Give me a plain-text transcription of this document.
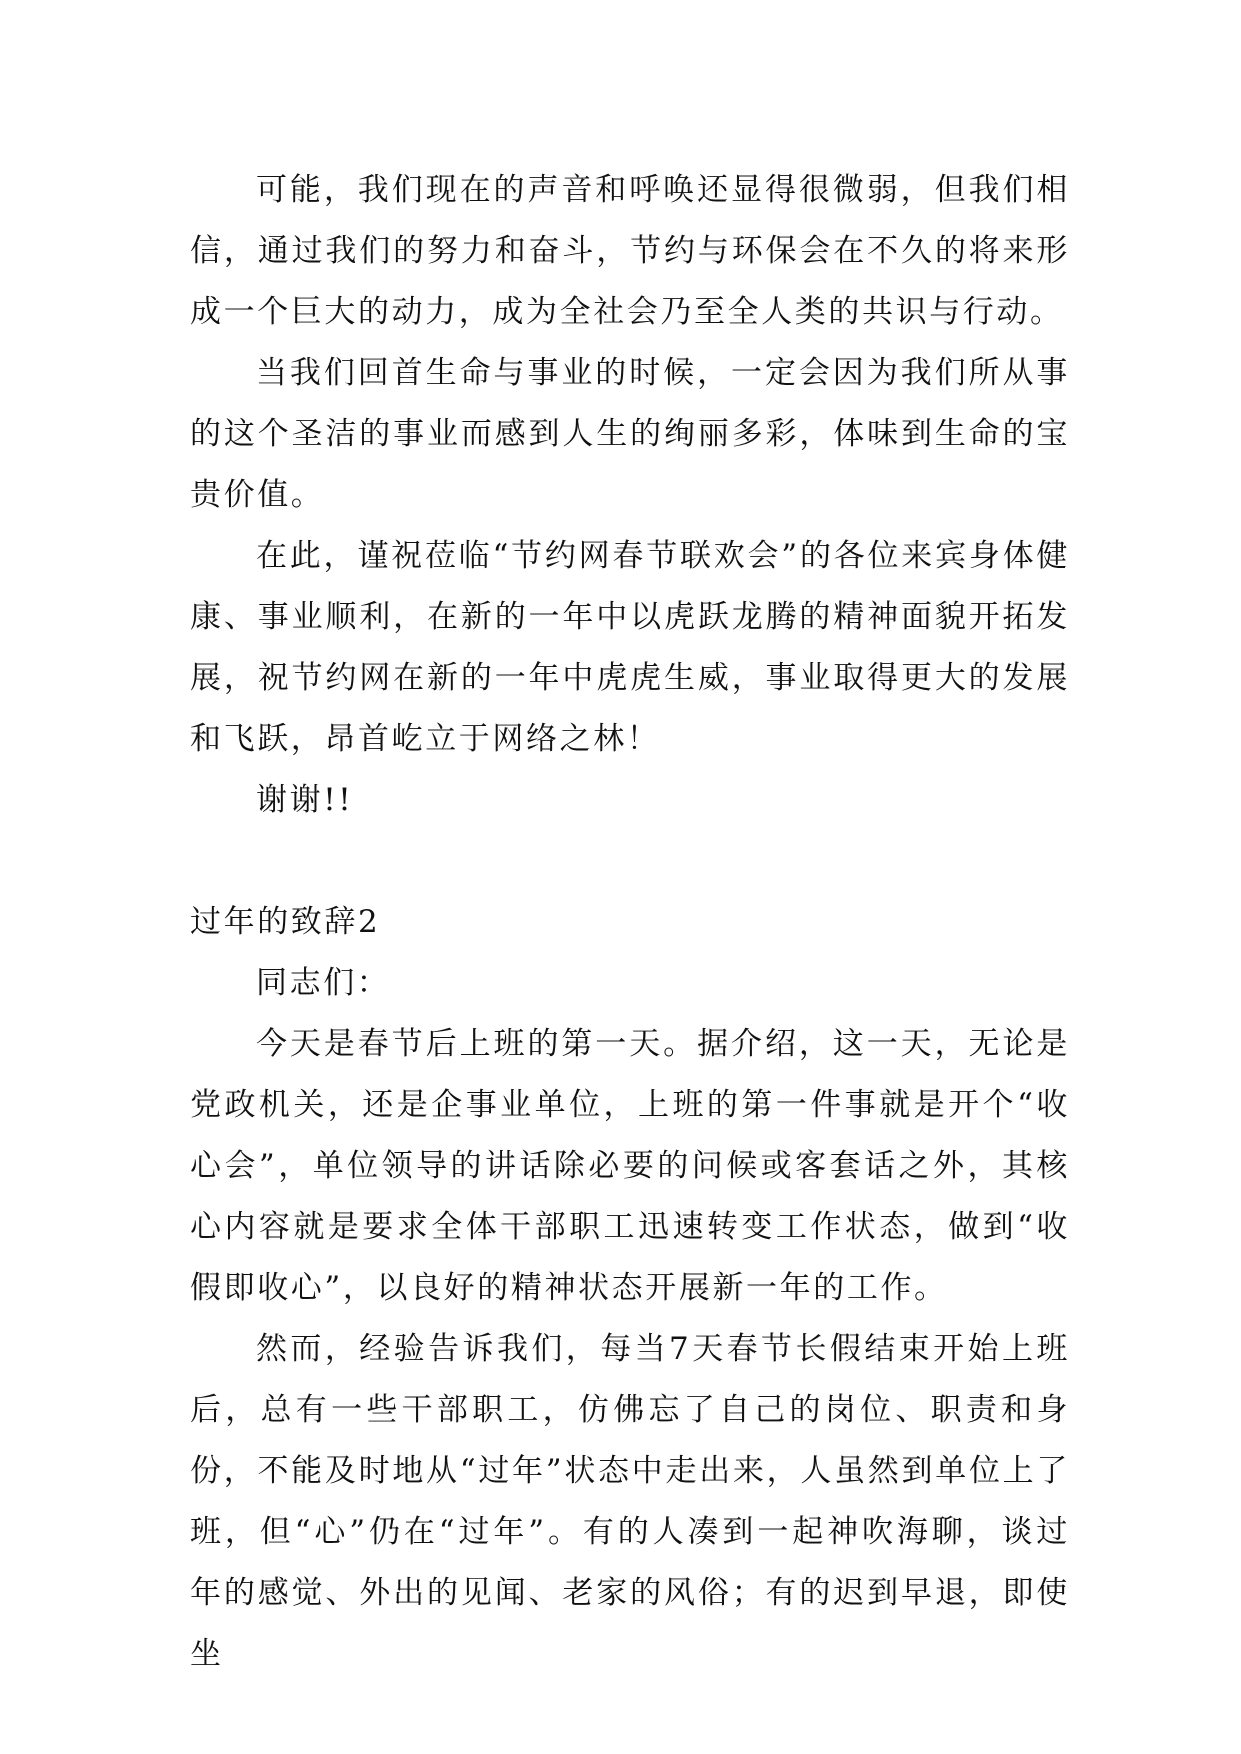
可能，我们现在的声音和呼唤还显得很微弱，但我们相信，通过我们的努力和奋斗，节约与环保会在不久的将来形成一个巨大的动力，成为全社会乃至全人类的共识与行动。

当我们回首生命与事业的时候，一定会因为我们所从事的这个圣洁的事业而感到人生的绚丽多彩，体味到生命的宝贵价值。

在此，谨祝莅临“节约网春节联欢会”的各位来宾身体健康、事业顺利，在新的一年中以虎跃龙腾的精神面貌开拓发展，祝节约网在新的一年中虎虎生威，事业取得更大的发展和飞跃，昂首屹立于网络之林！

谢谢!!

过年的致辞2

同志们：

今天是春节后上班的第一天。据介绍，这一天，无论是党政机关，还是企事业单位，上班的第一件事就是开个“收心会”，单位领导的讲话除必要的问候或客套话之外，其核心内容就是要求全体干部职工迅速转变工作状态，做到“收假即收心”，以良好的精神状态开展新一年的工作。

然而，经验告诉我们，每当7天春节长假结束开始上班后，总有一些干部职工，仿佛忘了自己的岗位、职责和身份，不能及时地从“过年”状态中走出来，人虽然到单位上了班，但“心”仍在“过年”。有的人凑到一起神吹海聊，谈过年的感觉、外出的见闻、老家的风俗；有的迟到早退，即使坐
